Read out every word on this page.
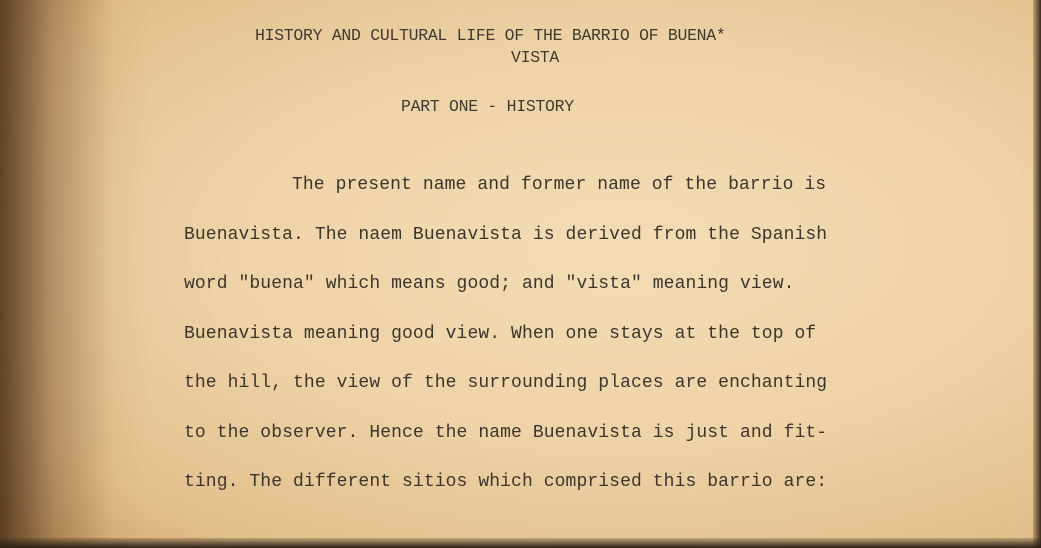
HISTORY AND CULTURAL LIFE OF THE BARRIO OF BUENA*
VISTA
PART ONE - HISTORY
The present name and former name of the barrio is
Buenavista. The naem Buenavista is derived from the Spanish
word "buena" which means good; and "vista" meaning view.
Buenavista meaning good view. When one stays at the top of
the hill, the view of the surrounding places are enchanting
to the observer. Hence the name Buenavista is just and fit-
ting. The different sitios which comprised this barrio are:
